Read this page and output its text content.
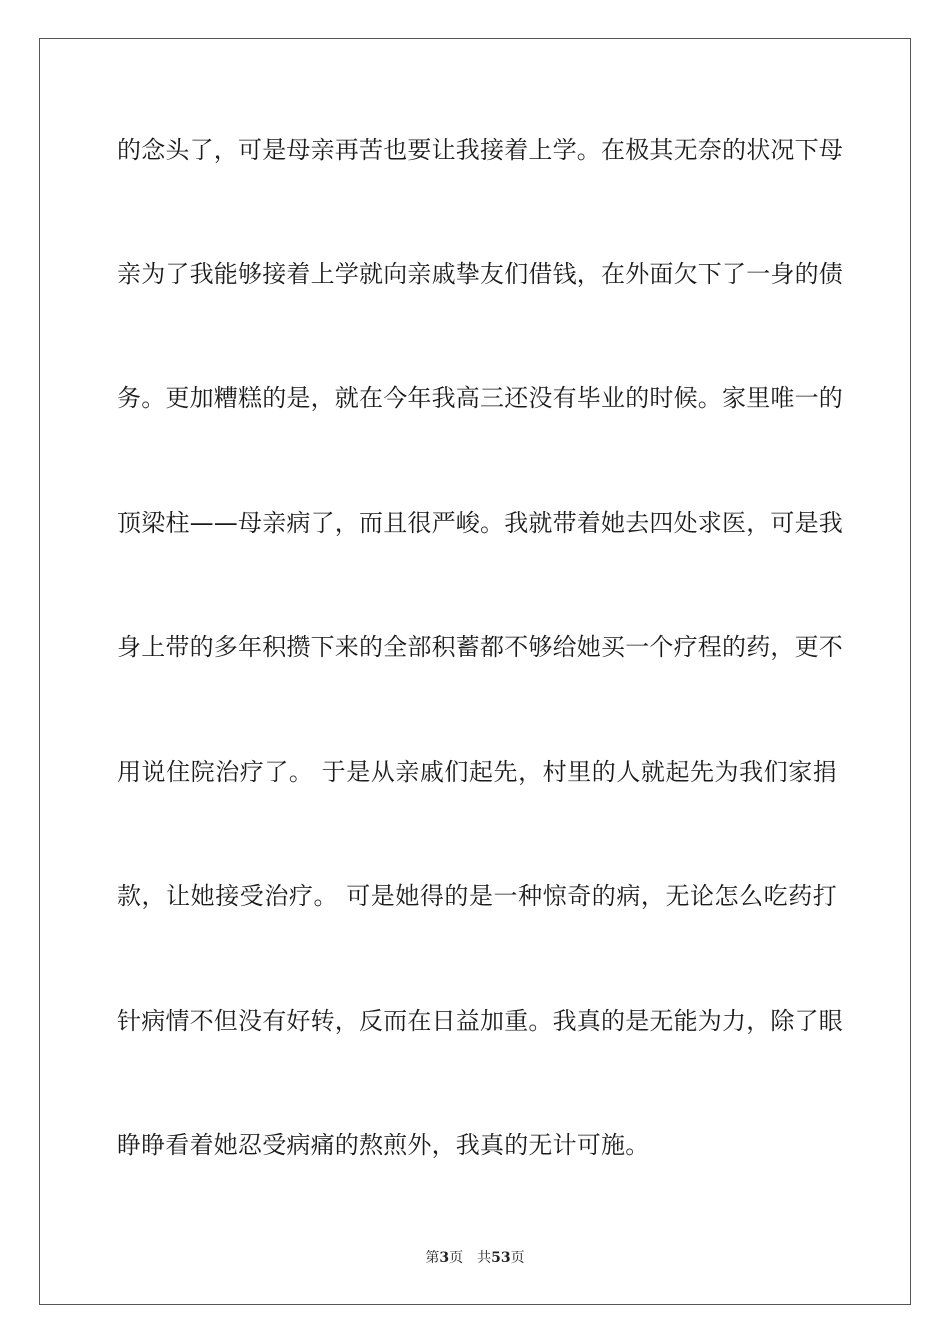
的念头了，可是母亲再苦也要让我接着上学。在极其无奈的状况下母
亲为了我能够接着上学就向亲戚挚友们借钱，在外面欠下了一身的债
务。更加糟糕的是，就在今年我高三还没有毕业的时候。家里唯一的
顶梁柱——母亲病了，而且很严峻。我就带着她去四处求医，可是我
身上带的多年积攒下来的全部积蓄都不够给她买一个疗程的药，更不
用说住院治疗了。 于是从亲戚们起先，村里的人就起先为我们家捐
款，让她接受治疗。 可是她得的是一种惊奇的病，无论怎么吃药打
针病情不但没有好转，反而在日益加重。我真的是无能为力，除了眼
睁睁看着她忍受病痛的熬煎外，我真的无计可施。
第3页 共53页
